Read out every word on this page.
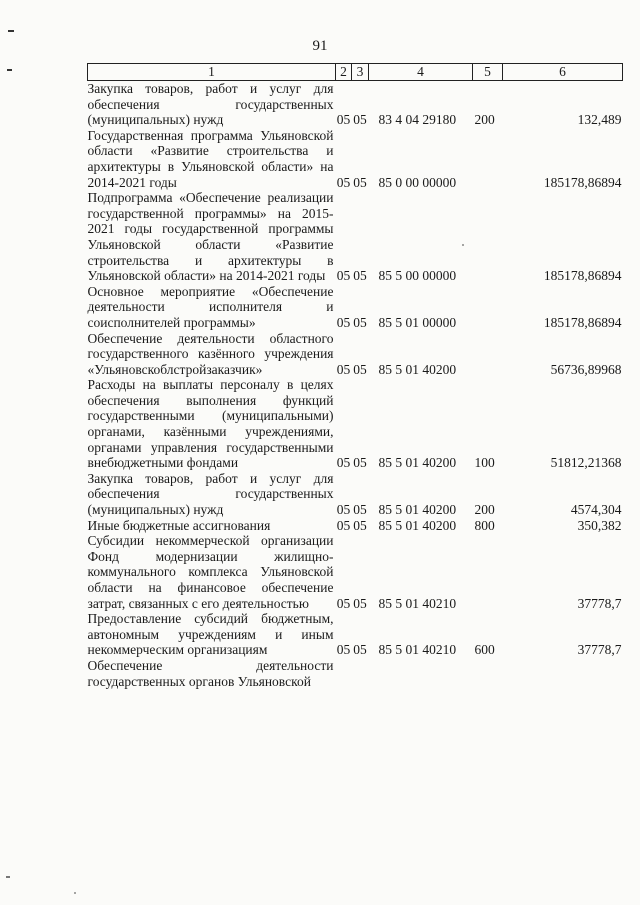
91
1	2	3	4	5	6
Закупка товаров, работ и услуг для обеспечения государственных (муниципальных) нужд	05	05	83 4 04 29180	200	132,489
Государственная программа Ульяновской области «Развитие строительства и архитектуры в Ульяновской области» на 2014-2021 годы	05	05	85 0 00 00000		185178,86894
Подпрограмма «Обеспечение реализации государственной программы» на 2015-2021 годы государственной программы Ульяновской области «Развитие строительства и архитектуры в Ульяновской области» на 2014-2021 годы	05	05	85 5 00 00000		185178,86894
Основное мероприятие «Обеспечение деятельности исполнителя и соисполнителей программы»	05	05	85 5 01 00000		185178,86894
Обеспечение деятельности областного государственного казённого учреждения «Ульяновскоблстройзаказчик»	05	05	85 5 01 40200		56736,89968
Расходы на выплаты персоналу в целях обеспечения выполнения функций государственными (муниципальными) органами, казёнными учреждениями, органами управления государственными внебюджетными фондами	05	05	85 5 01 40200	100	51812,21368
Закупка товаров, работ и услуг для обеспечения государственных (муниципальных) нужд	05	05	85 5 01 40200	200	4574,304
Иные бюджетные ассигнования	05	05	85 5 01 40200	800	350,382
Субсидии некоммерческой организации Фонд модернизации жилищно-коммунального комплекса Ульяновской области на финансовое обеспечение затрат, связанных с его деятельностью	05	05	85 5 01 40210		37778,7
Предоставление субсидий бюджетным, автономным учреждениям и иным некоммерческим организациям	05	05	85 5 01 40210	600	37778,7
Обеспечение деятельности государственных органов Ульяновской					
